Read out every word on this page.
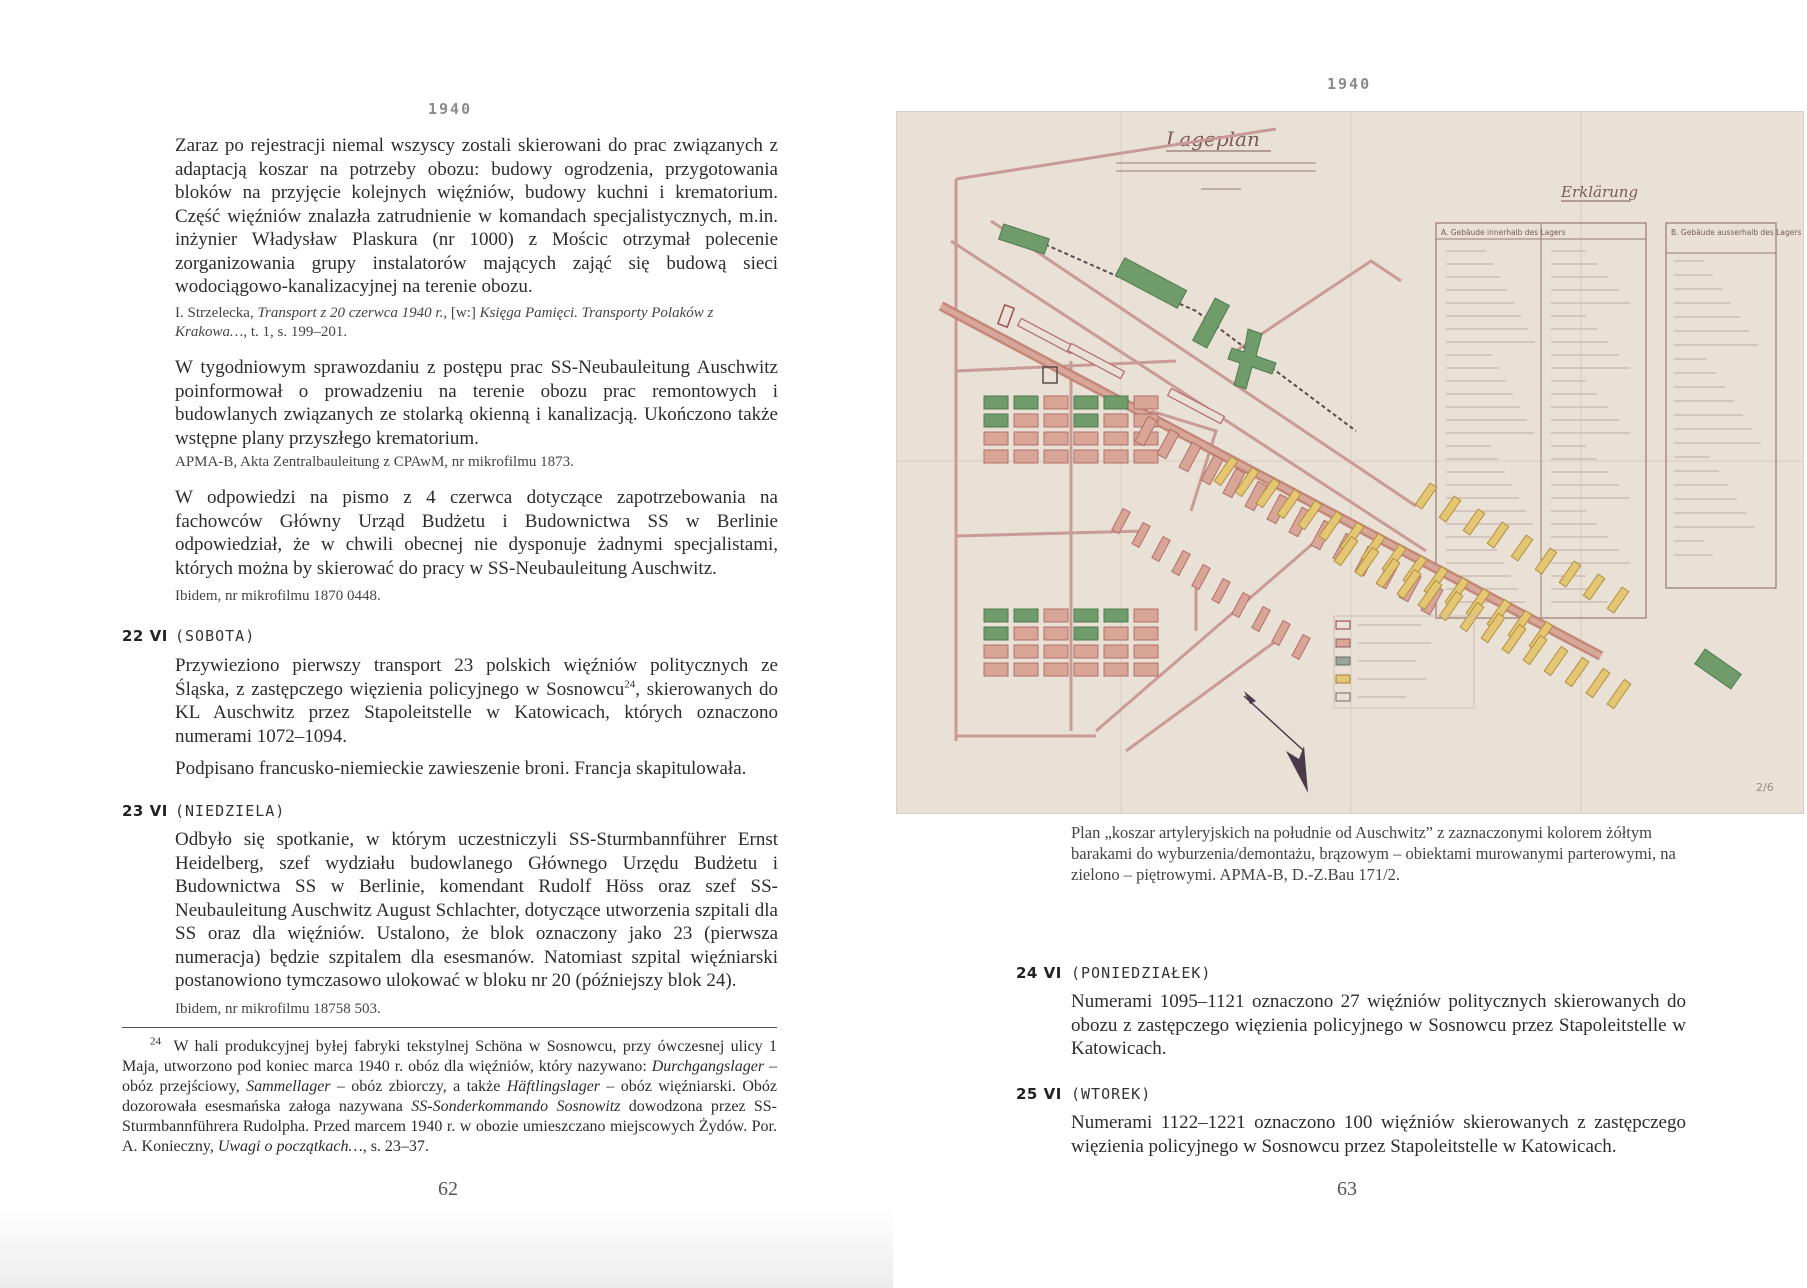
1940

Zaraz po rejestracji niemal wszyscy zostali skierowani do prac związanych z adaptacją koszar na potrzeby obozu: budowy ogrodzenia, przygotowania bloków na przyjęcie kolejnych więźniów, budowy kuchni i krematorium. Część więźniów znalazła zatrudnienie w komandach specjalistycznych, m.in. inżynier Władysław Plaskura (nr 1000) z Mościc otrzymał polecenie zorganizowania grupy instalatorów mających zająć się budową sieci wodociągowo-kanalizacyjnej na terenie obozu.

I. Strzelecka, Transport z 20 czerwca 1940 r., [w:] Księga Pamięci. Transporty Polaków z Krakowa…, t. 1, s. 199–201.

W tygodniowym sprawozdaniu z postępu prac SS-Neubauleitung Auschwitz poinformował o prowadzeniu na terenie obozu prac remontowych i budowlanych związanych ze stolarką okienną i kanalizacją. Ukończono także wstępne plany przyszłego krematorium.

APMA-B, Akta Zentralbauleitung z CPAwM, nr mikrofilmu 1873.

W odpowiedzi na pismo z 4 czerwca dotyczące zapotrzebowania na fachowców Główny Urząd Budżetu i Budownictwa SS w Berlinie odpowiedział, że w chwili obecnej nie dysponuje żadnymi specjalistami, których można by skierować do pracy w SS-Neubauleitung Auschwitz.

Ibidem, nr mikrofilmu 1870 0448.
22 VI (SOBOTA)
Przywieziono pierwszy transport 23 polskich więźniów politycznych ze Śląska, z zastępczego więzienia policyjnego w Sosnowcu$^{24}$, skierowanych do KL Auschwitz przez Stapoleitstelle w Katowicach, których oznaczono numerami 1072–1094.
Podpisano francusko-niemieckie zawieszenie broni. Francja skapitulowała.
23 VI (NIEDZIELA)

Odbyło się spotkanie, w którym uczestniczyli SS-Sturmbannführer Ernst Heidelberg, szef wydziału budowlanego Głównego Urzędu Budżetu i Budownictwa SS w Berlinie, komendant Rudolf Höss oraz szef SS-Neubauleitung Auschwitz August Schlachter, dotyczące utworzenia szpitali dla SS oraz dla więźniów. Ustalono, że blok oznaczony jako 23 (pierwsza numeracja) będzie szpitalem dla esesmanów. Natomiast szpital więźniarski postanowiono tymczasowo ulokować w bloku nr 20 (późniejszy blok 24).

Ibidem, nr mikrofilmu 18758 503.
$^{24}$ W hali produkcyjnej byłej fabryki tekstylnej Schöna w Sosnowcu, przy ówczesnej ulicy 1 Maja, utworzono pod koniec marca 1940 r. obóz dla więźniów, który nazywano: Durchgangslager – obóz przejściowy, Sammellager – obóz zbiorczy, a także Häftlingslager – obóz więźniarski. Obóz dozorowała esesmańska załoga nazywana SS-Sonderkommando Sosnowitz dowodzona przez SS-Sturmbannführera Rudolpha. Przed marcem 1940 r. w obozie umieszczano miejscowych Żydów. Por. A. Konieczny, Uwagi o początkach…, s. 23–37.
62
1940
Lageplan
Erklärung
A. Gebäude innerhalb des Lagers	B. Gebäude ausserhalb des Lagers
2/6
Plan „koszar artyleryjskich na południe od Auschwitz” z zaznaczonymi kolorem żółtym barakami do wyburzenia/demontażu, brązowym – obiektami murowanymi parterowymi, na zielono – piętrowymi. APMA-B, D.-Z.Bau 171/2.
24 VI (PONIEDZIAŁEK)

Numerami 1095–1121 oznaczono 27 więźniów politycznych skierowanych do obozu z zastępczego więzienia policyjnego w Sosnowcu przez Stapoleitstelle w Katowicach.

25 VI (WTOREK)

Numerami 1122–1221 oznaczono 100 więźniów skierowanych z zastępczego więzienia policyjnego w Sosnowcu przez Stapoleitstelle w Katowicach.

63
